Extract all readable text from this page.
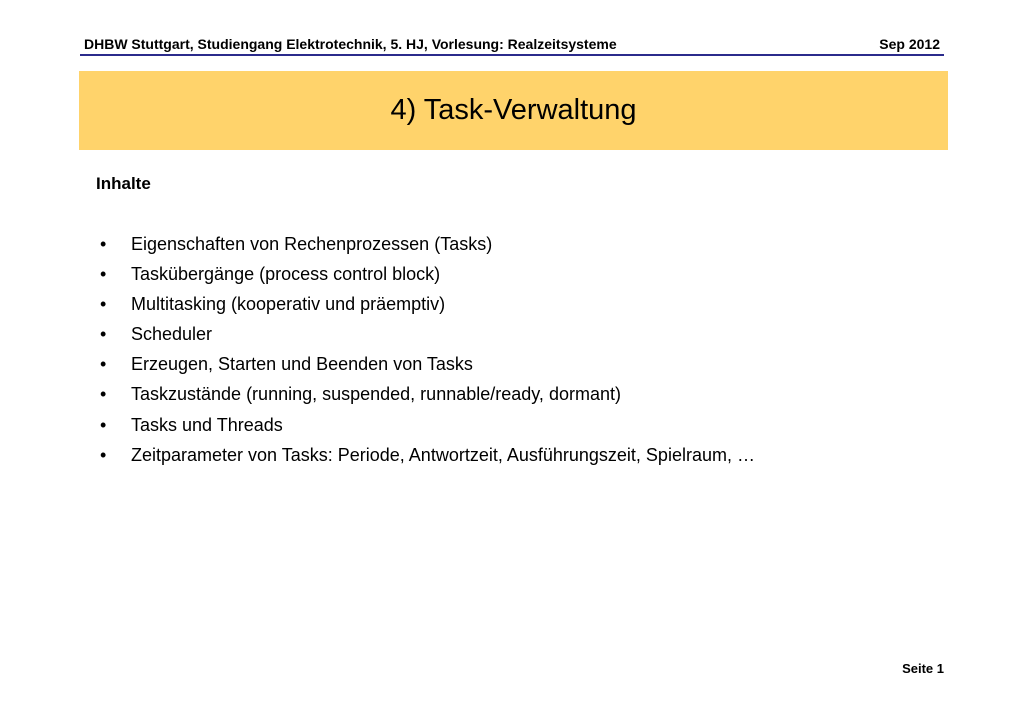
DHBW Stuttgart, Studiengang Elektrotechnik, 5. HJ, Vorlesung: Realzeitsysteme	Sep 2012
4) Task-Verwaltung
Inhalte
• Eigenschaften von Rechenprozessen (Tasks)
• Taskübergänge (process control block)
• Multitasking (kooperativ und präemptiv)
• Scheduler
• Erzeugen, Starten und Beenden von Tasks
• Taskzustände (running, suspended, runnable/ready, dormant)
• Tasks und Threads
• Zeitparameter von Tasks: Periode, Antwortzeit, Ausführungszeit, Spielraum, …
Seite 1
